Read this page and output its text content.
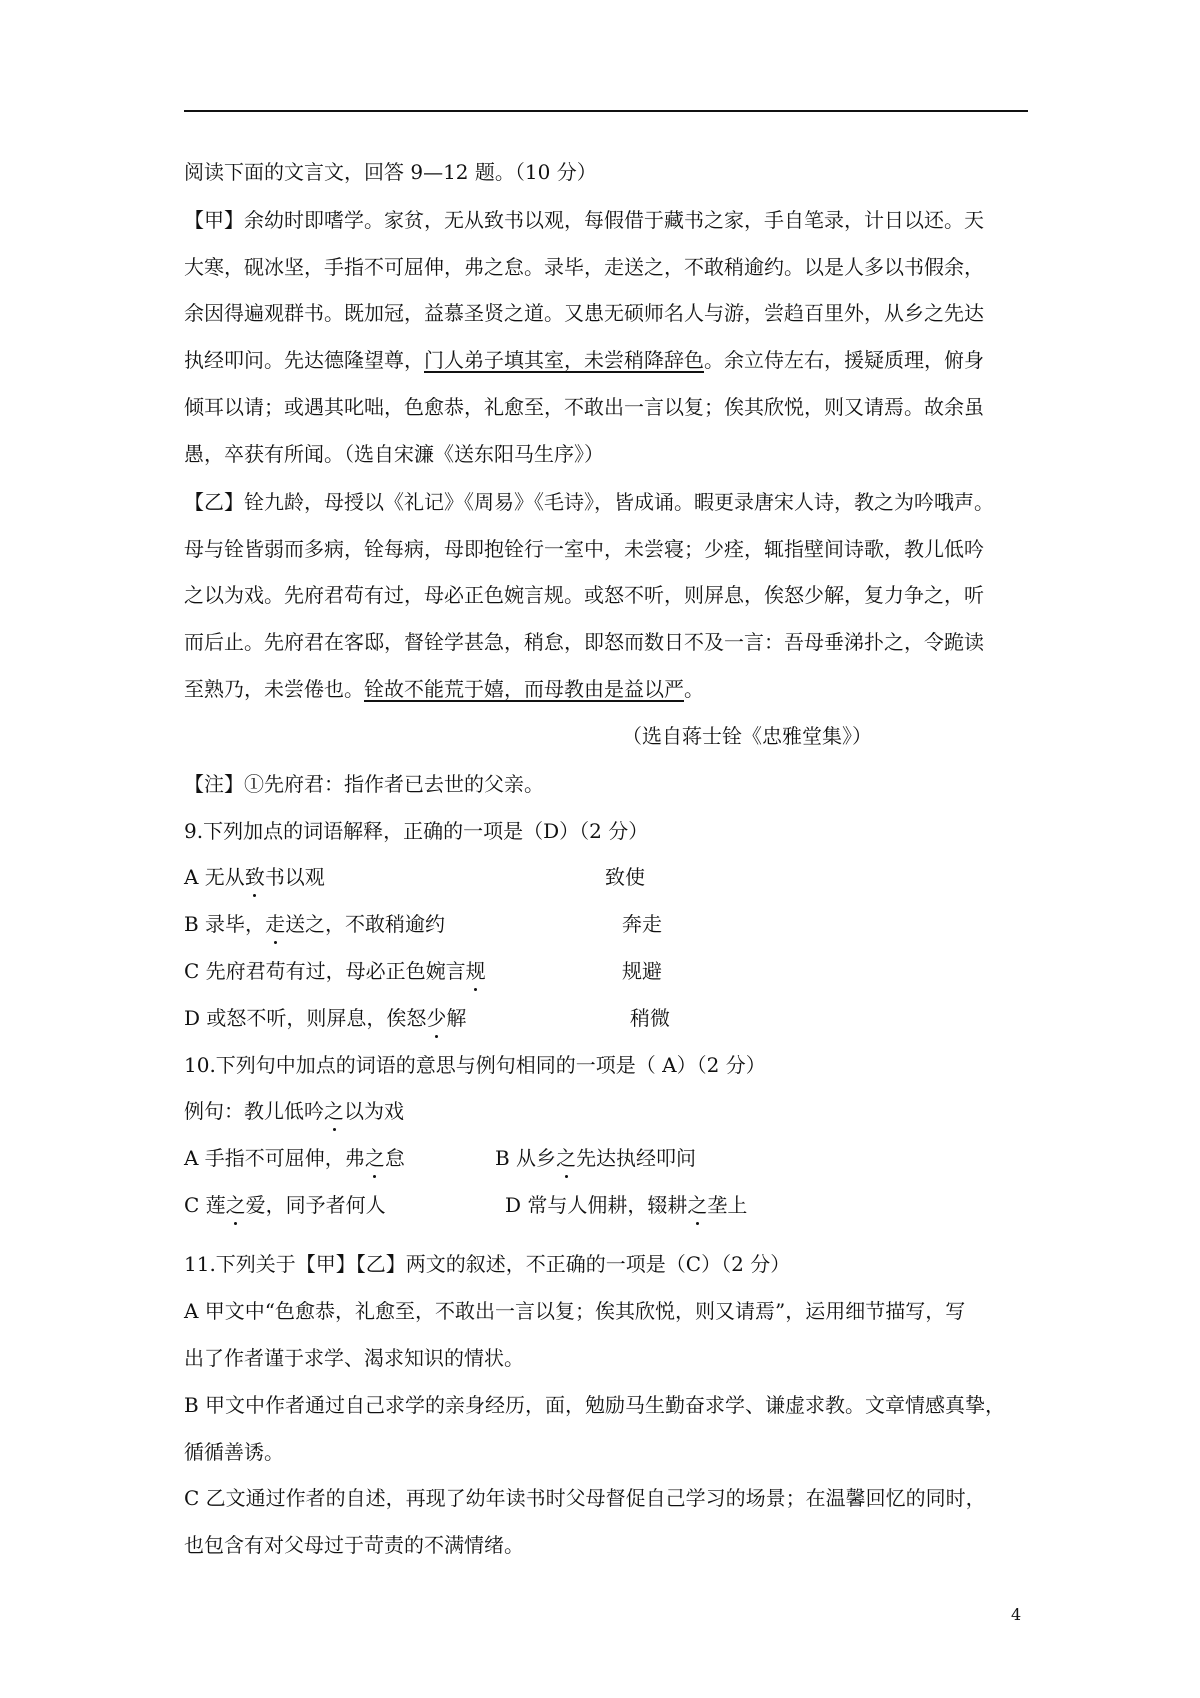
阅读下面的文言文，回答 9—12 题。（10 分）
【甲】余幼时即嗜学。家贫，无从致书以观，每假借于藏书之家，手自笔录，计日以还。天
大寒，砚冰坚，手指不可屈伸，弗之怠。录毕，走送之，不敢稍逾约。以是人多以书假余，
余因得遍观群书。既加冠，益慕圣贤之道。又患无硕师名人与游，尝趋百里外，从乡之先达
执经叩问。先达德隆望尊，门人弟子填其室，未尝稍降辞色。余立侍左右，援疑质理，俯身
倾耳以请；或遇其叱咄，色愈恭，礼愈至，不敢出一言以复；俟其欣悦，则又请焉。故余虽
愚，卒获有所闻。（选自宋濂《送东阳马生序》）
【乙】铨九龄，母授以《礼记》《周易》《毛诗》，皆成诵。暇更录唐宋人诗，教之为吟哦声。
母与铨皆弱而多病，铨每病，母即抱铨行一室中，未尝寝；少痊，辄指壁间诗歌，教儿低吟
之以为戏。先府君苟有过，母必正色婉言规。或怒不听，则屏息，俟怒少解，复力争之，听
而后止。先府君在客邸，督铨学甚急，稍怠，即怒而数日不及一言：吾母垂涕扑之，令跪读
至熟乃，未尝倦也。铨故不能荒于嬉，而母教由是益以严。
（选自蒋士铨《忠雅堂集》）
【注】①先府君：指作者已去世的父亲。
9.下列加点的词语解释，正确的一项是（D）（2 分）
A 无从致书以观	致使
B 录毕，走送之，不敢稍逾约	奔走
C 先府君苟有过，母必正色婉言规	规避
D 或怒不听，则屏息，俟怒少解	稍微
10.下列句中加点的词语的意思与例句相同的一项是（ A）（2 分）
例句：教儿低吟之以为戏
A 手指不可屈伸，弗之怠	B 从乡之先达执经叩问
C 莲之爱，同予者何人	D 常与人佣耕，辍耕之垄上
11.下列关于【甲】【乙】两文的叙述，不正确的一项是（C）（2 分）
A 甲文中“色愈恭，礼愈至，不敢出一言以复；俟其欣悦，则又请焉”，运用细节描写，写
出了作者谨于求学、渴求知识的情状。
B 甲文中作者通过自己求学的亲身经历，面，勉励马生勤奋求学、谦虚求教。文章情感真挚，
循循善诱。
C 乙文通过作者的自述，再现了幼年读书时父母督促自己学习的场景；在温馨回忆的同时，
也包含有对父母过于苛责的不满情绪。
4
